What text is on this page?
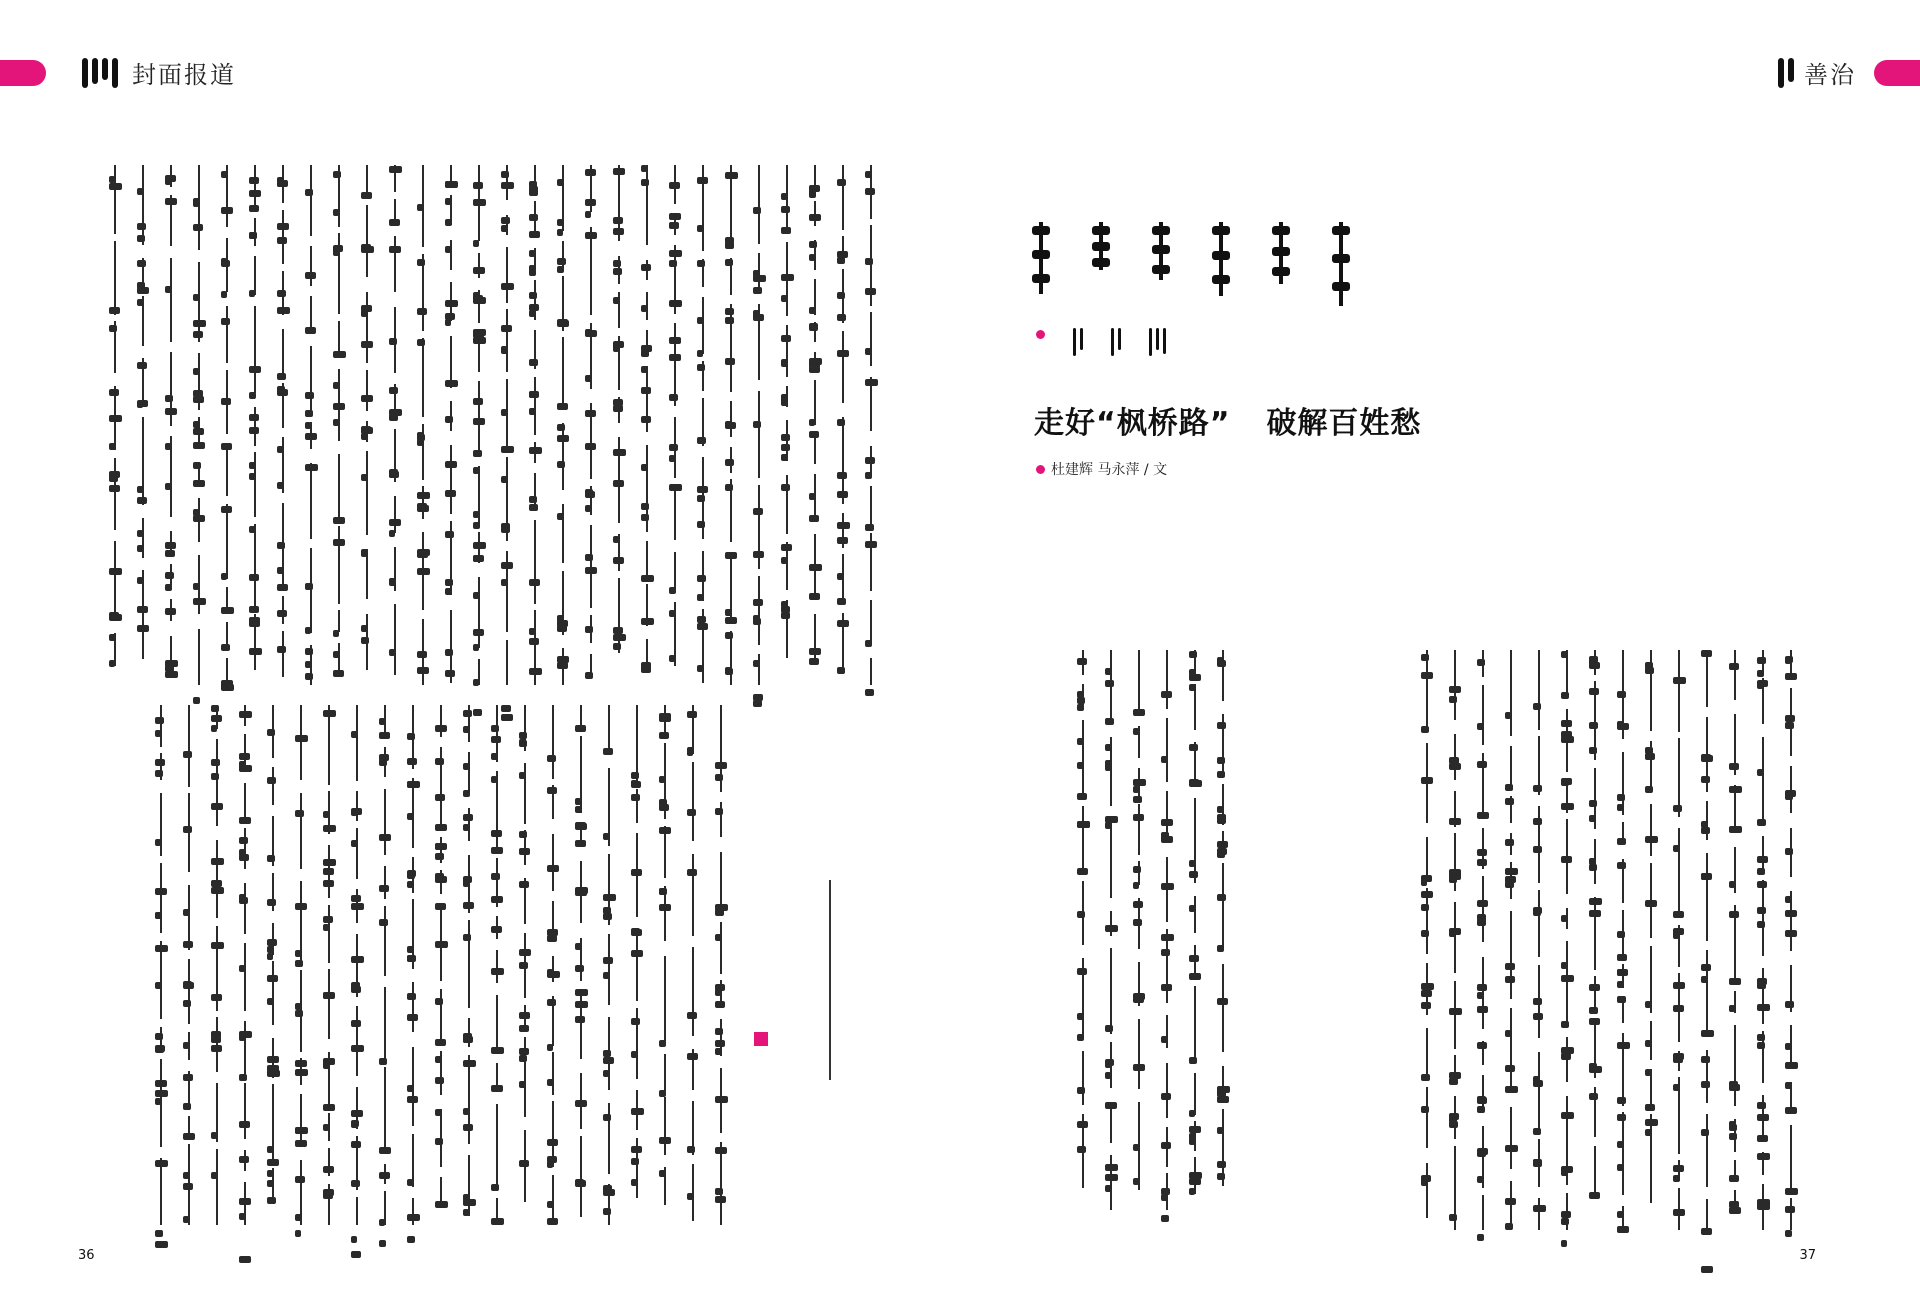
封面报道	善治
走好“枫桥路” 破解百姓愁
杜建辉 马永萍 / 文
36	37
